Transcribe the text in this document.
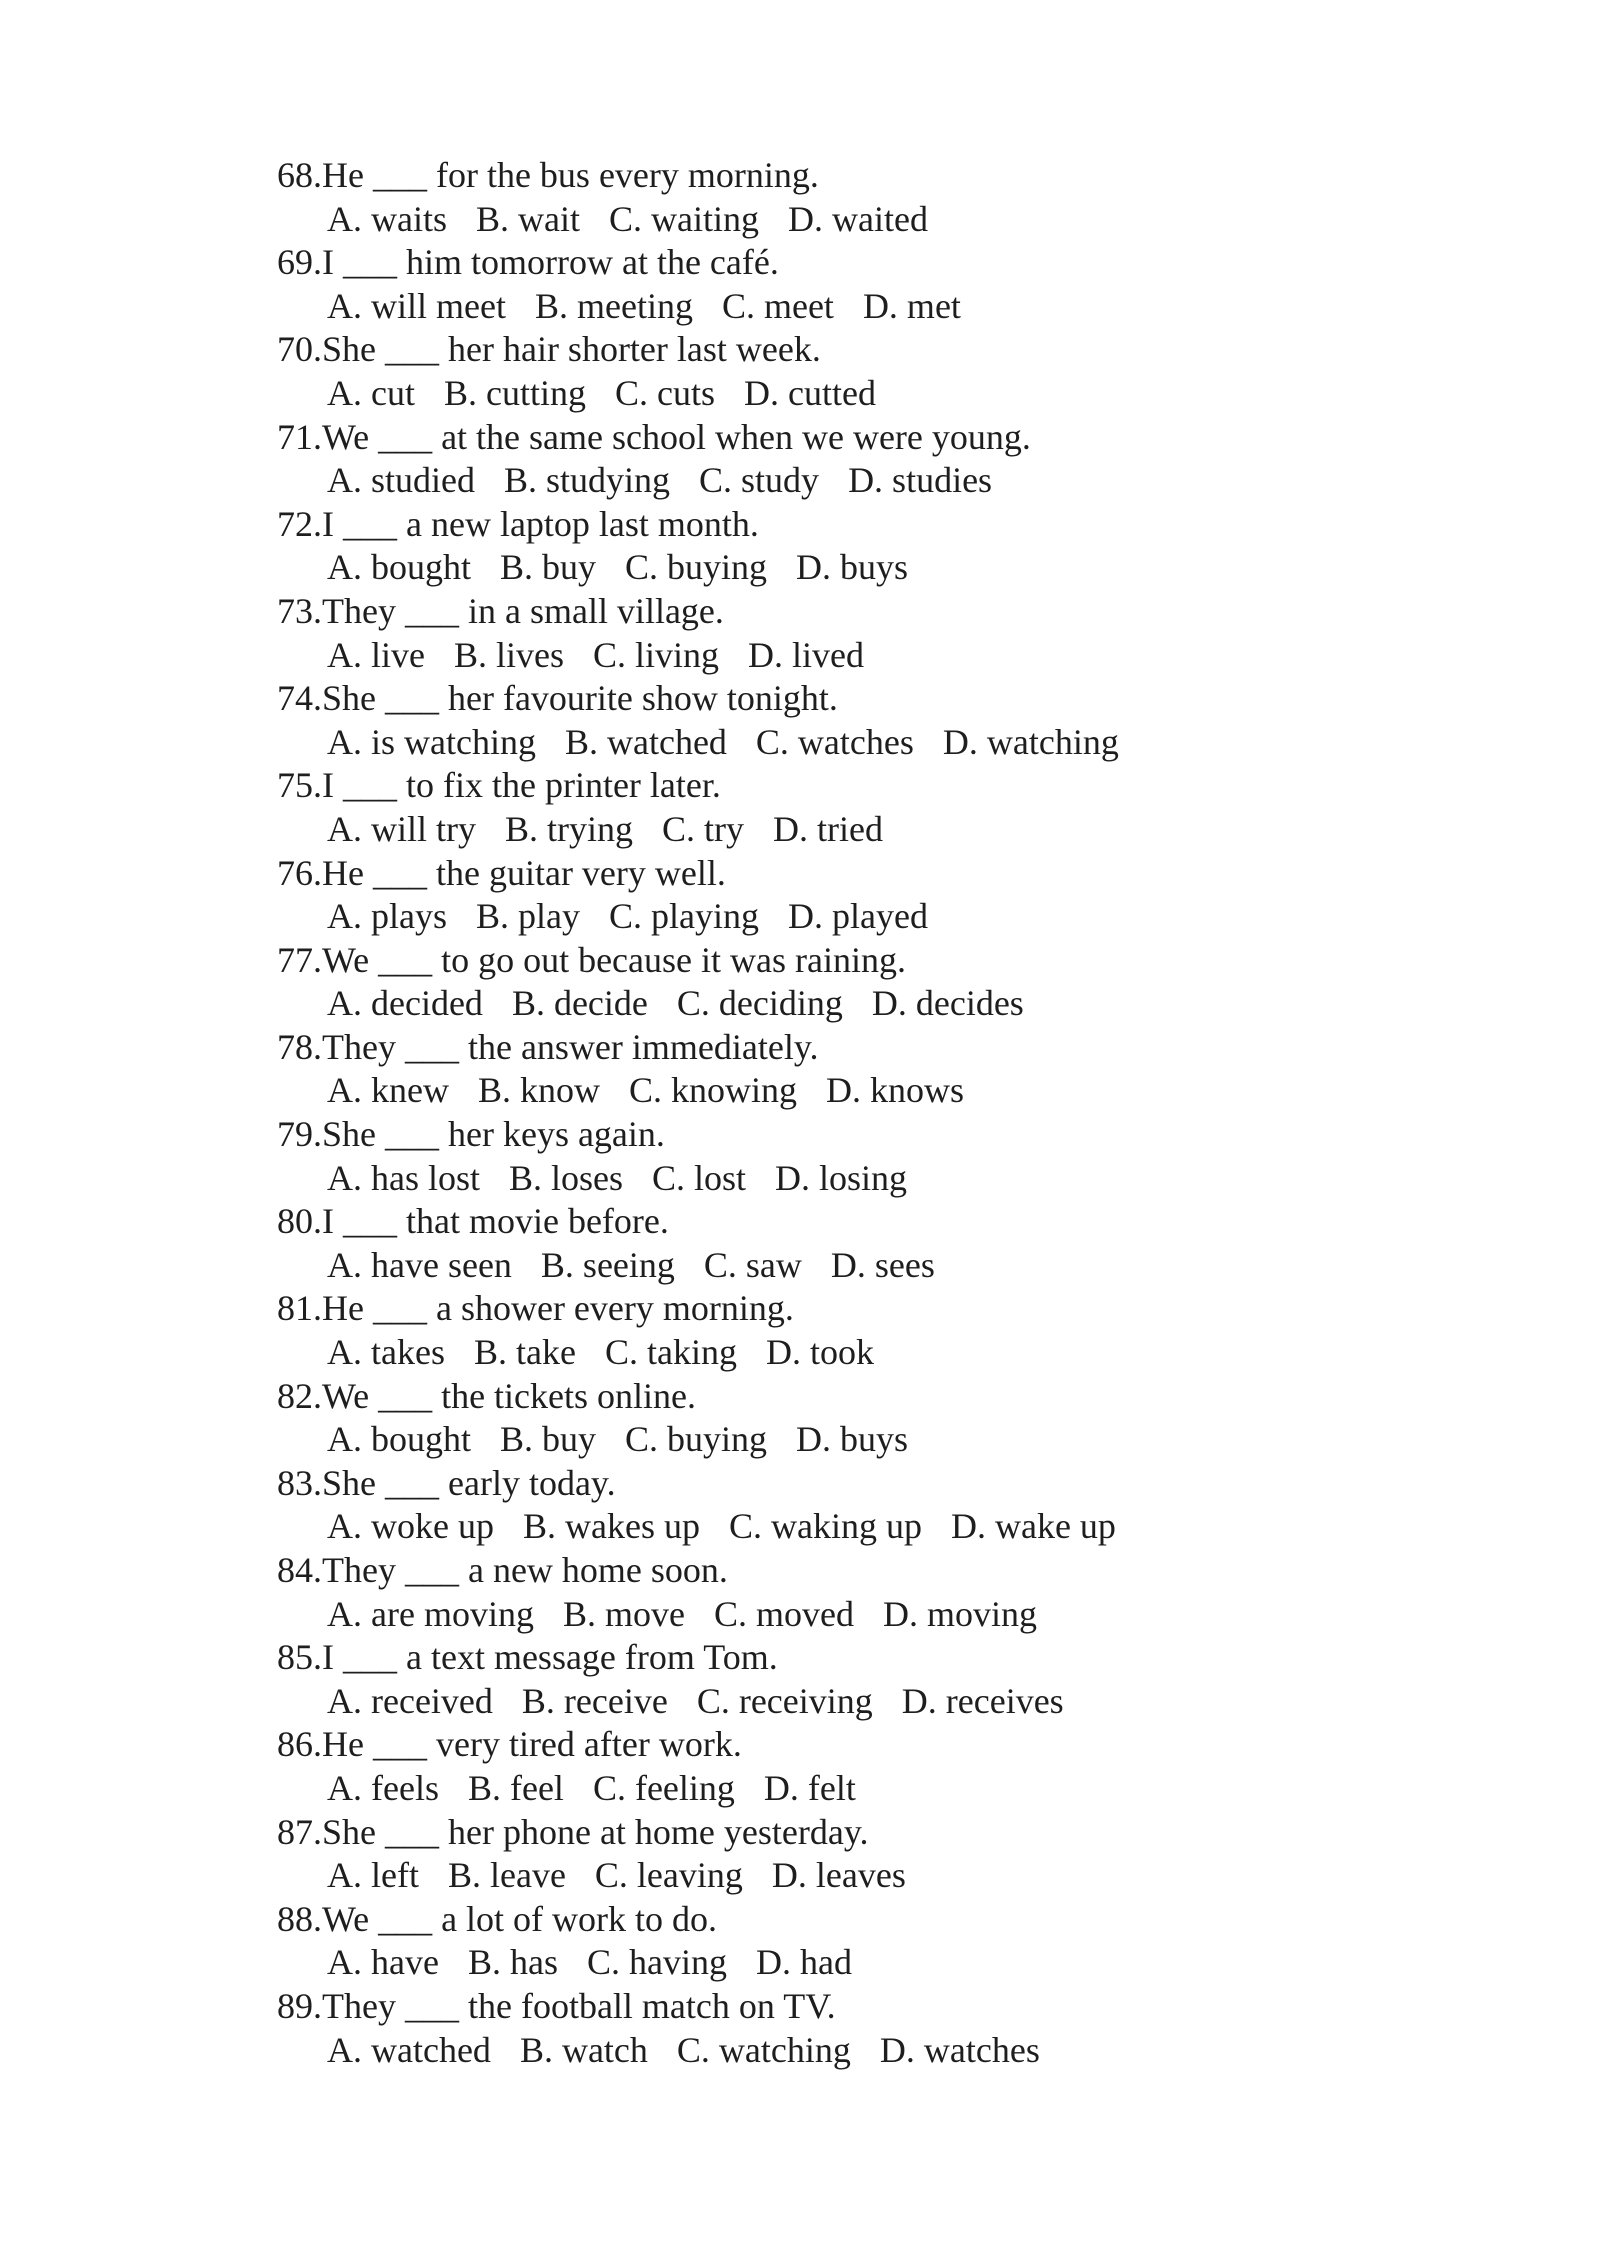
68.He ___ for the bus every morning.
A. waits B. wait C. waiting D. waited
69.I ___ him tomorrow at the café.
A. will meet B. meeting C. meet D. met
70.She ___ her hair shorter last week.
A. cut B. cutting C. cuts D. cutted
71.We ___ at the same school when we were young.
A. studied B. studying C. study D. studies
72.I ___ a new laptop last month.
A. bought B. buy C. buying D. buys
73.They ___ in a small village.
A. live B. lives C. living D. lived
74.She ___ her favourite show tonight.
A. is watching B. watched C. watches D. watching
75.I ___ to fix the printer later.
A. will try B. trying C. try D. tried
76.He ___ the guitar very well.
A. plays B. play C. playing D. played
77.We ___ to go out because it was raining.
A. decided B. decide C. deciding D. decides
78.They ___ the answer immediately.
A. knew B. know C. knowing D. knows
79.She ___ her keys again.
A. has lost B. loses C. lost D. losing
80.I ___ that movie before.
A. have seen B. seeing C. saw D. sees
81.He ___ a shower every morning.
A. takes B. take C. taking D. took
82.We ___ the tickets online.
A. bought B. buy C. buying D. buys
83.She ___ early today.
A. woke up B. wakes up C. waking up D. wake up
84.They ___ a new home soon.
A. are moving B. move C. moved D. moving
85.I ___ a text message from Tom.
A. received B. receive C. receiving D. receives
86.He ___ very tired after work.
A. feels B. feel C. feeling D. felt
87.She ___ her phone at home yesterday.
A. left B. leave C. leaving D. leaves
88.We ___ a lot of work to do.
A. have B. has C. having D. had
89.They ___ the football match on TV.
A. watched B. watch C. watching D. watches
